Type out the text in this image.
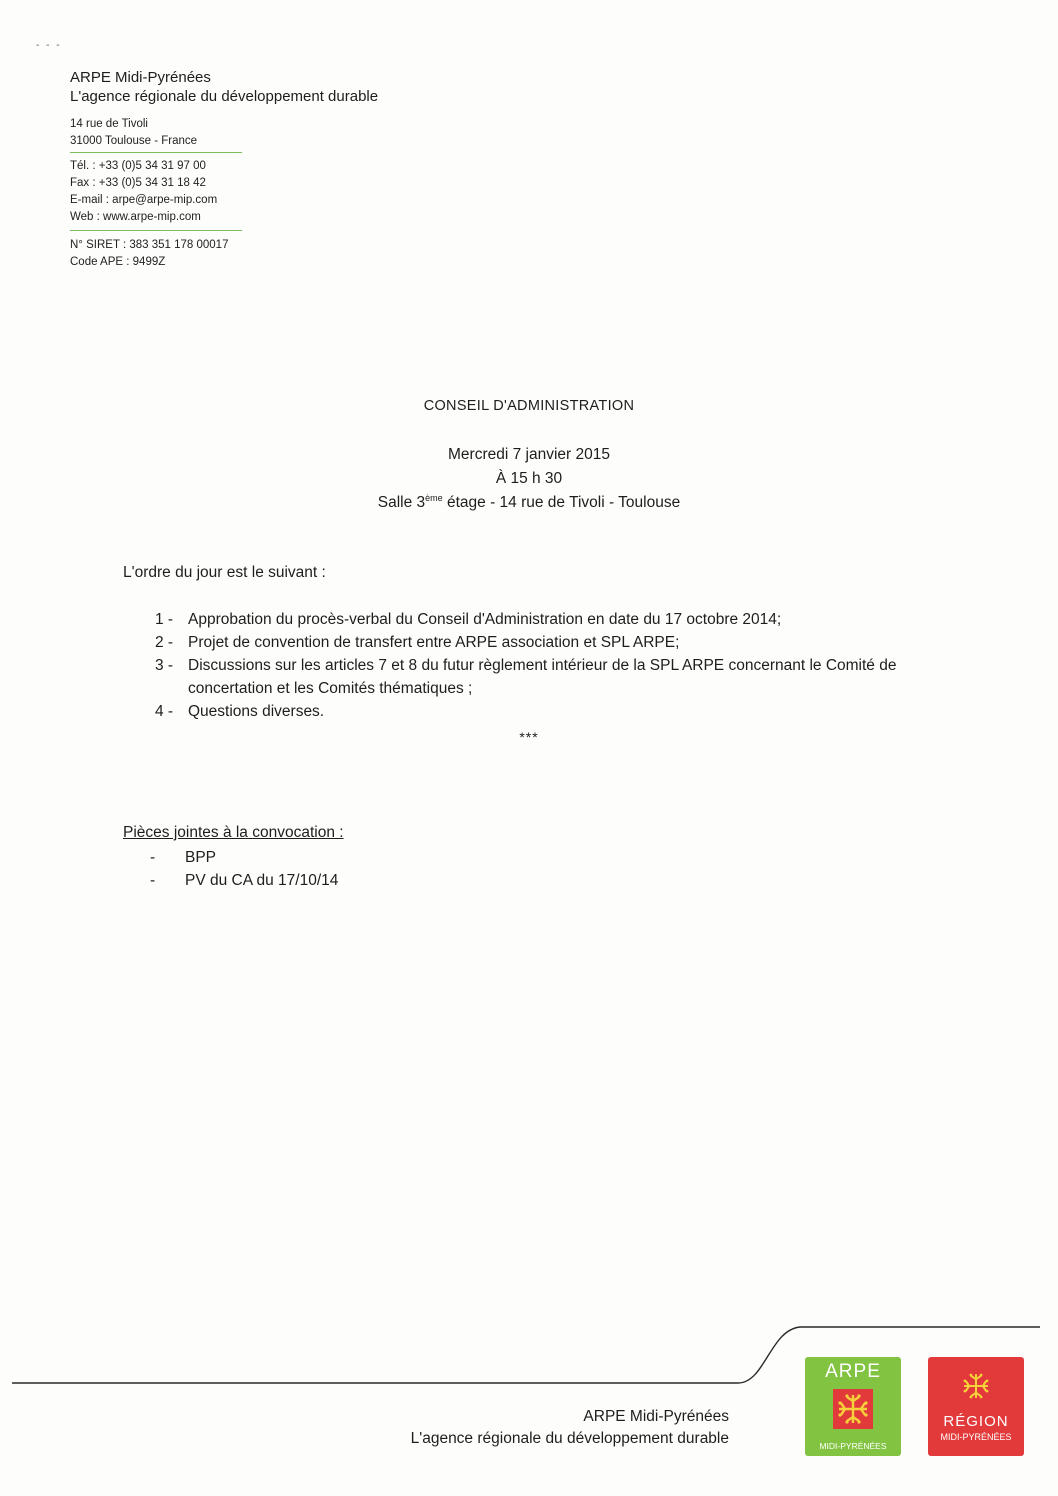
- - -
ARPE Midi-Pyrénées
L'agence régionale du développement durable
14 rue de Tivoli
31000 Toulouse - France
Tél. : +33 (0)5 34 31 97 00
Fax : +33 (0)5 34 31 18 42
E-mail : arpe@arpe-mip.com
Web : www.arpe-mip.com
N° SIRET : 383 351 178 00017
Code APE : 9499Z
CONSEIL D'ADMINISTRATION
Mercredi 7 janvier 2015
À 15 h 30
Salle 3ème étage - 14 rue de Tivoli - Toulouse
L'ordre du jour est le suivant :
1 - Approbation du procès-verbal du Conseil d'Administration en date du 17 octobre 2014;
2 - Projet de convention de transfert entre ARPE association et SPL ARPE;
3 - Discussions sur les articles 7 et 8 du futur règlement intérieur de la SPL ARPE concernant le Comité de concertation et les Comités thématiques ;
4 - Questions diverses.
***
Pièces jointes à la convocation :
-	BPP
-	PV du CA du 17/10/14
ARPE Midi-Pyrénées
L'agence régionale du développement durable
ARPE
MIDI-PYRÉNÉES
RÉGION
MIDI-PYRÉNÉES
